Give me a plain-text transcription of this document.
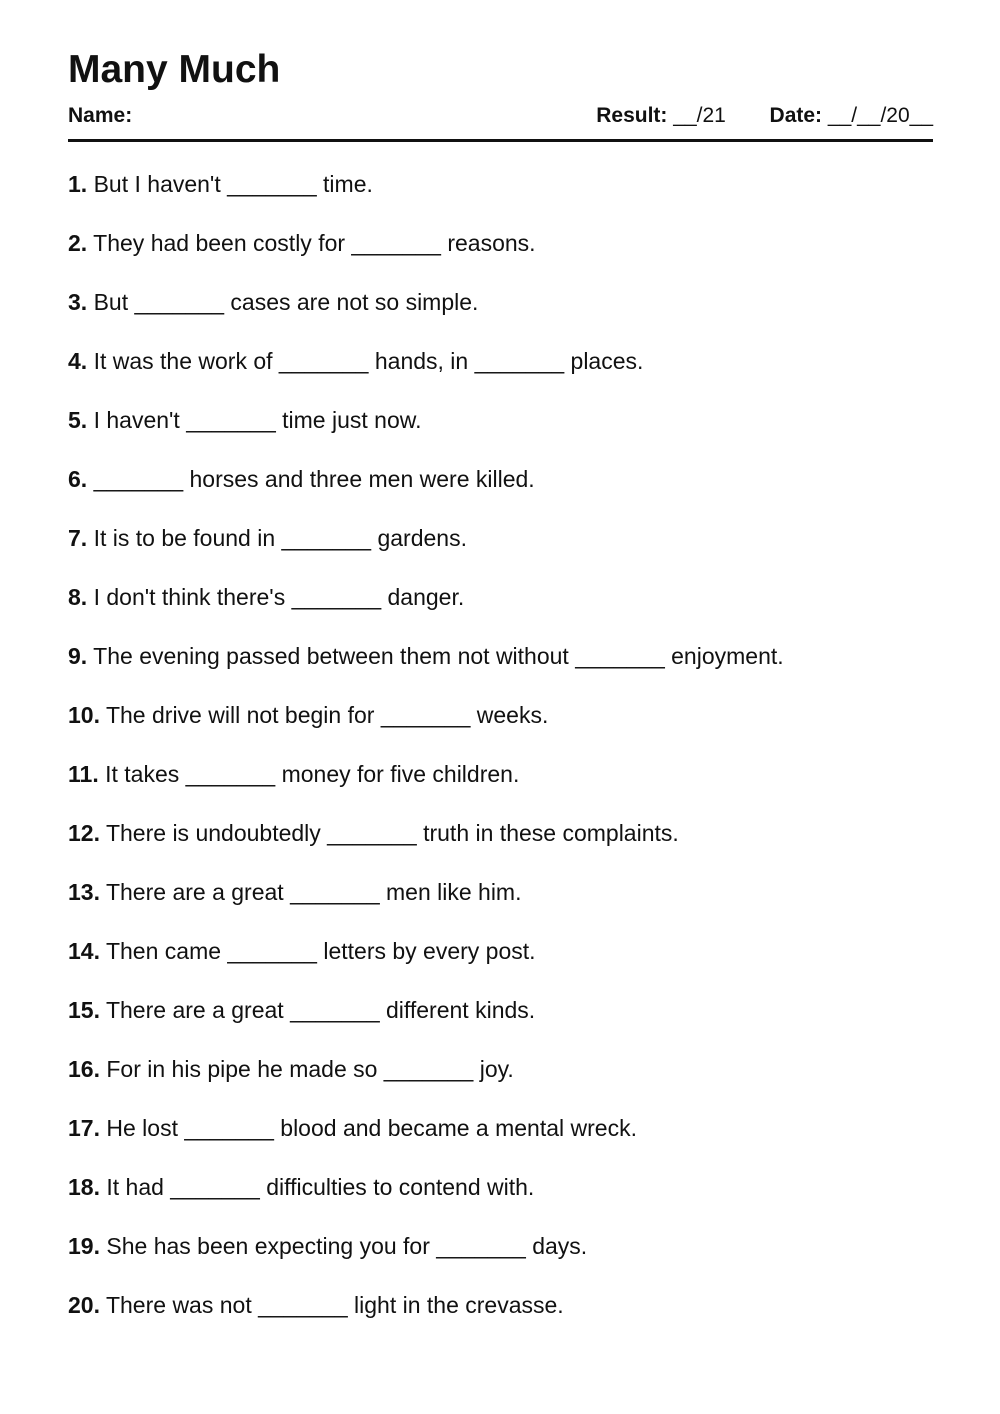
Many Much
Name:	Result: __/21 Date: __/__/20__
1. But I haven't _______ time.
2. They had been costly for _______ reasons.
3. But _______ cases are not so simple.
4. It was the work of _______ hands, in _______ places.
5. I haven't _______ time just now.
6. _______ horses and three men were killed.
7. It is to be found in _______ gardens.
8. I don't think there's _______ danger.
9. The evening passed between them not without _______ enjoyment.
10. The drive will not begin for _______ weeks.
11. It takes _______ money for five children.
12. There is undoubtedly _______ truth in these complaints.
13. There are a great _______ men like him.
14. Then came _______ letters by every post.
15. There are a great _______ different kinds.
16. For in his pipe he made so _______ joy.
17. He lost _______ blood and became a mental wreck.
18. It had _______ difficulties to contend with.
19. She has been expecting you for _______ days.
20. There was not _______ light in the crevasse.
